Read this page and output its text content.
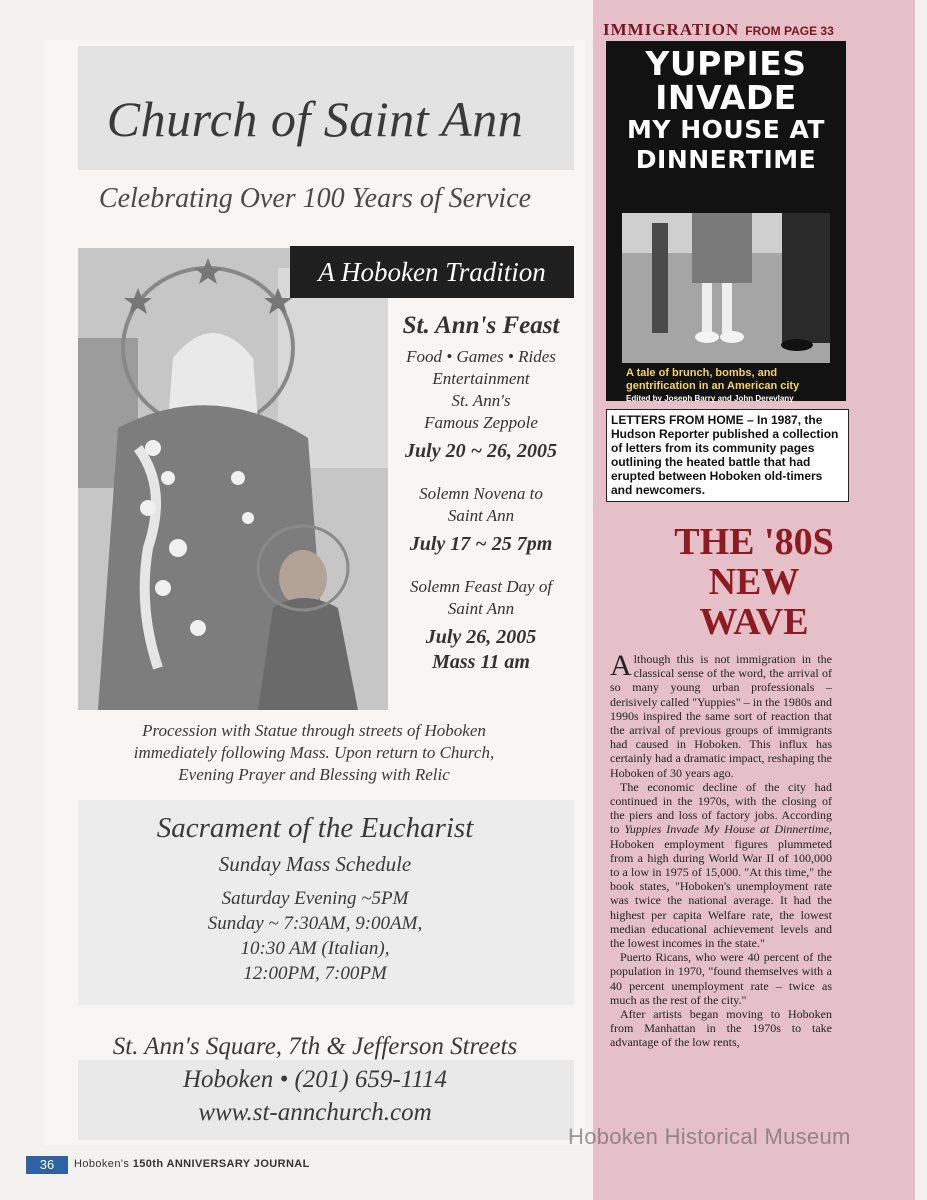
Church of Saint Ann
Celebrating Over 100 Years of Service
A Hoboken Tradition
St. Ann's Feast
Food • Games • Rides
Entertainment
St. Ann's
Famous Zeppole
July 20 ~ 26, 2005
Solemn Novena to
Saint Ann
July 17 ~ 25 7pm
Solemn Feast Day of
Saint Ann
July 26, 2005
Mass 11 am
Procession with Statue through streets of Hoboken
immediately following Mass. Upon return to Church,
Evening Prayer and Blessing with Relic
Sacrament of the Eucharist
Sunday Mass Schedule
Saturday Evening ~5PM
Sunday ~ 7:30AM, 9:00AM,
10:30 AM (Italian),
12:00PM, 7:00PM
St. Ann's Square, 7th & Jefferson Streets
Hoboken • (201) 659-1114
www.st-annchurch.com
IMMIGRATION FROM PAGE 33
YUPPIES
INVADE
MY HOUSE AT
DINNERTIME
A tale of brunch, bombs, and
gentrification in an American city
Edited by Joseph Barry and John Derevlany
LETTERS FROM HOME – In 1987, the Hudson Reporter published a collection of letters from its community pages outlining the heated battle that had erupted between Hoboken old-timers and newcomers.
THE '80S
NEW
WAVE

Although this is not immigration in the classical sense of the word, the arrival of so many young urban professionals – derisively called "Yuppies" – in the 1980s and 1990s inspired the same sort of reaction that the arrival of previous groups of immigrants had caused in Hoboken. This influx has certainly had a dramatic impact, reshaping the Hoboken of 30 years ago.

The economic decline of the city had continued in the 1970s, with the closing of the piers and loss of factory jobs. According to Yuppies Invade My House at Dinnertime, Hoboken employment figures plummeted from a high during World War II of 100,000 to a low in 1975 of 15,000. "At this time," the book states, "Hoboken's unemployment rate was twice the national average. It had the highest per capita Welfare rate, the lowest median educational achievement levels and the lowest incomes in the state."

Puerto Ricans, who were 40 percent of the population in 1970, "found themselves with a 40 percent unemployment rate – twice as much as the rest of the city."

After artists began moving to Hoboken from Manhattan in the 1970s to take advantage of the low rents,

36	Hoboken's 150th ANNIVERSARY JOURNAL
Hoboken Historical Museum
